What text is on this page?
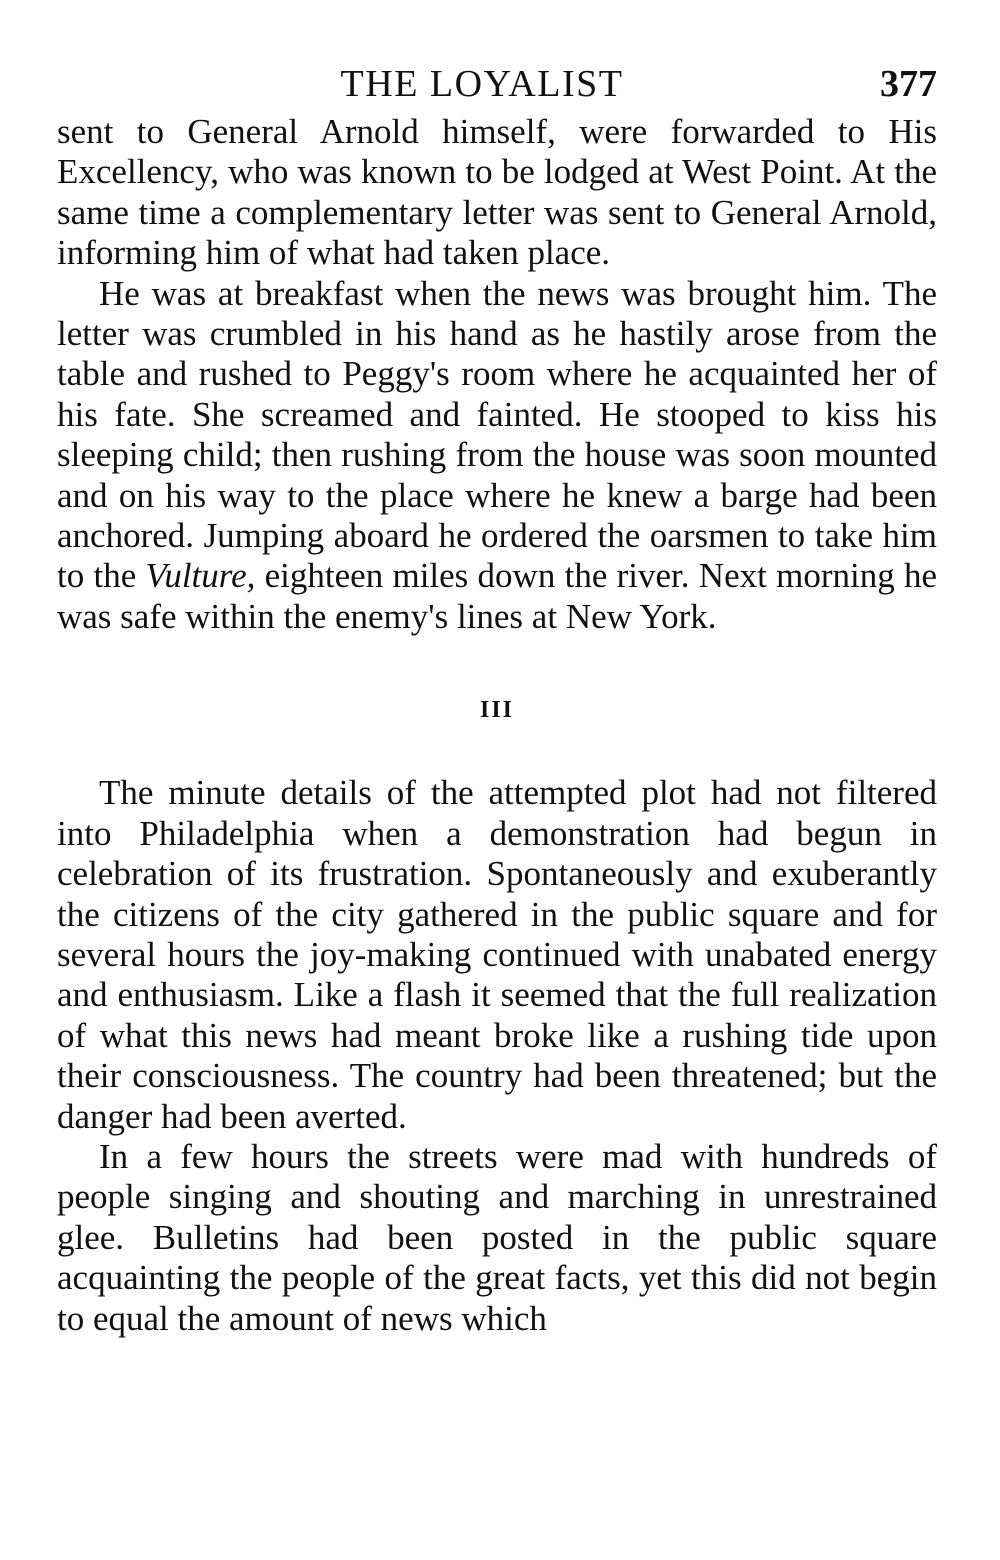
THE LOYALIST	377

sent to General Arnold himself, were forwarded to His Excellency, who was known to be lodged at West Point. At the same time a complementary letter was sent to General Arnold, informing him of what had taken place.

He was at breakfast when the news was brought him. The letter was crumbled in his hand as he hastily arose from the table and rushed to Peggy's room where he acquainted her of his fate. She screamed and fainted. He stooped to kiss his sleeping child; then rushing from the house was soon mounted and on his way to the place where he knew a barge had been anchored. Jumping aboard he ordered the oarsmen to take him to the Vulture, eighteen miles down the river. Next morning he was safe within the enemy's lines at New York.

III

The minute details of the attempted plot had not filtered into Philadelphia when a demonstration had begun in celebration of its frustration. Spontaneously and exuberantly the citizens of the city gathered in the public square and for several hours the joy-making continued with unabated energy and enthusiasm. Like a flash it seemed that the full realization of what this news had meant broke like a rushing tide upon their consciousness. The country had been threatened; but the danger had been averted.

In a few hours the streets were mad with hundreds of people singing and shouting and marching in unrestrained glee. Bulletins had been posted in the public square acquainting the people of the great facts, yet this did not begin to equal the amount of news which
